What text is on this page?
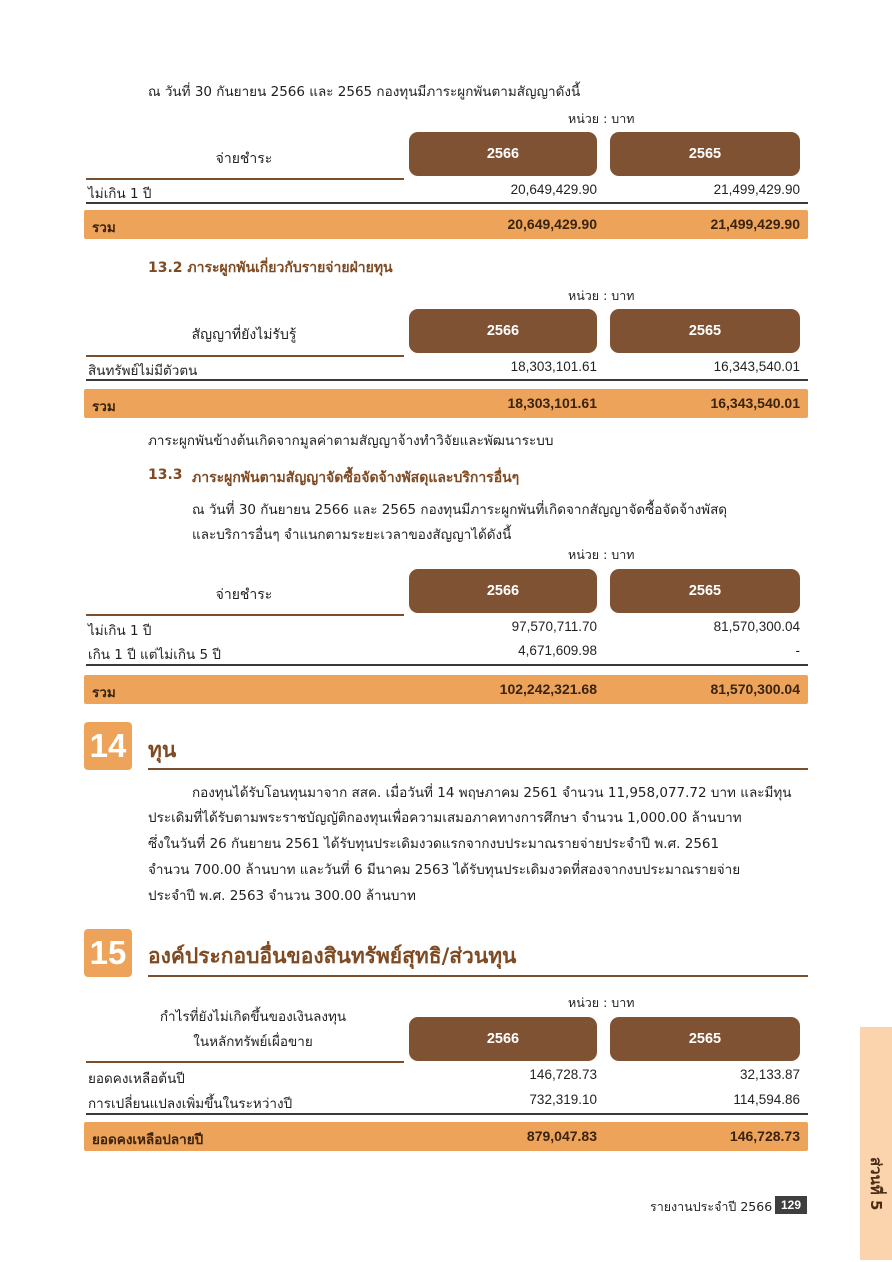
ณ วันที่ 30 กันยายน 2566 และ 2565 กองทุนมีภาระผูกพันตามสัญญาดังนี้
หน่วย : บาท
จ่ายชำระ	2566	2565
ไม่เกิน 1 ปี	20,649,429.90	21,499,429.90
รวม	20,649,429.90	21,499,429.90
13.2 ภาระผูกพันเกี่ยวกับรายจ่ายฝ่ายทุน
หน่วย : บาท
สัญญาที่ยังไม่รับรู้	2566	2565
สินทรัพย์ไม่มีตัวตน	18,303,101.61	16,343,540.01
รวม	18,303,101.61	16,343,540.01
ภาระผูกพันข้างต้นเกิดจากมูลค่าตามสัญญาจ้างทำวิจัยและพัฒนาระบบ
13.3 ภาระผูกพันตามสัญญาจัดซื้อจัดจ้างพัสดุและบริการอื่นๆ
ณ วันที่ 30 กันยายน 2566 และ 2565 กองทุนมีภาระผูกพันที่เกิดจากสัญญาจัดซื้อจัดจ้างพัสดุ
และบริการอื่นๆ จำแนกตามระยะเวลาของสัญญาได้ดังนี้
หน่วย : บาท
จ่ายชำระ	2566	2565
ไม่เกิน 1 ปี	97,570,711.70	81,570,300.04
เกิน 1 ปี แต่ไม่เกิน 5 ปี	4,671,609.98	-
รวม	102,242,321.68	81,570,300.04
14 ทุน
กองทุนได้รับโอนทุนมาจาก สสค. เมื่อวันที่ 14 พฤษภาคม 2561 จำนวน 11,958,077.72 บาท และมีทุน
ประเดิมที่ได้รับตามพระราชบัญญัติกองทุนเพื่อความเสมอภาคทางการศึกษา จำนวน 1,000.00 ล้านบาท
ซึ่งในวันที่ 26 กันยายน 2561 ได้รับทุนประเดิมงวดแรกจากงบประมาณรายจ่ายประจำปี พ.ศ. 2561
จำนวน 700.00 ล้านบาท และวันที่ 6 มีนาคม 2563 ได้รับทุนประเดิมงวดที่สองจากงบประมาณรายจ่าย
ประจำปี พ.ศ. 2563 จำนวน 300.00 ล้านบาท
15 องค์ประกอบอื่นของสินทรัพย์สุทธิ/ส่วนทุน
หน่วย : บาท
กำไรที่ยังไม่เกิดขึ้นของเงินลงทุน
ในหลักทรัพย์เผื่อขาย	2566	2565
ยอดคงเหลือต้นปี	146,728.73	32,133.87
การเปลี่ยนแปลงเพิ่มขึ้นในระหว่างปี	732,319.10	114,594.86
ยอดคงเหลือปลายปี	879,047.83	146,728.73
ส่วนที่ 5
รายงานประจำปี 2566 129
